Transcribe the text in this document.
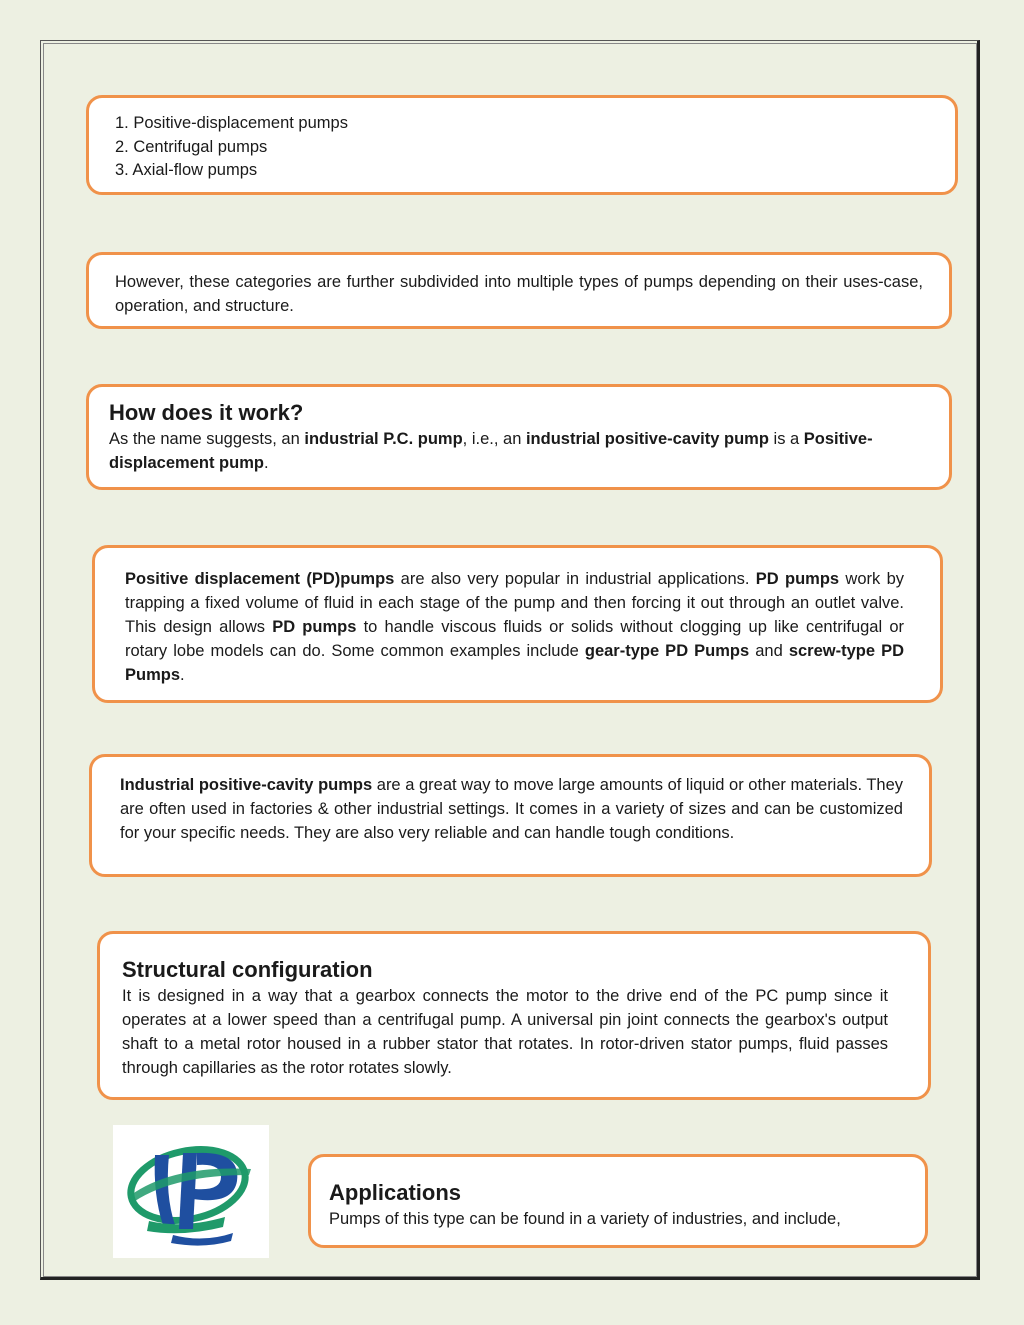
1. Positive-displacement pumps
2. Centrifugal pumps
3. Axial-flow pumps

However, these categories are further subdivided into multiple types of pumps depending on their uses-case, operation, and structure.

How does it work?

As the name suggests, an industrial P.C. pump, i.e., an industrial positive-cavity pump is a Positive-displacement pump.

Positive displacement (PD)pumps are also very popular in industrial applications. PD pumps work by trapping a fixed volume of fluid in each stage of the pump and then forcing it out through an outlet valve. This design allows PD pumps to handle viscous fluids or solids without clogging up like centrifugal or rotary lobe models can do. Some common examples include gear-type PD Pumps and screw-type PD Pumps.

Industrial positive-cavity pumps are a great way to move large amounts of liquid or other materials. They are often used in factories & other industrial settings. It comes in a variety of sizes and can be customized for your specific needs. They are also very reliable and can handle tough conditions.

Structural configuration

It is designed in a way that a gearbox connects the motor to the drive end of the PC pump since it operates at a lower speed than a centrifugal pump. A universal pin joint connects the gearbox's output shaft to a metal rotor housed in a rubber stator that rotates. In rotor-driven stator pumps, fluid passes through capillaries as the rotor rotates slowly.

Applications

Pumps of this type can be found in a variety of industries, and include,
